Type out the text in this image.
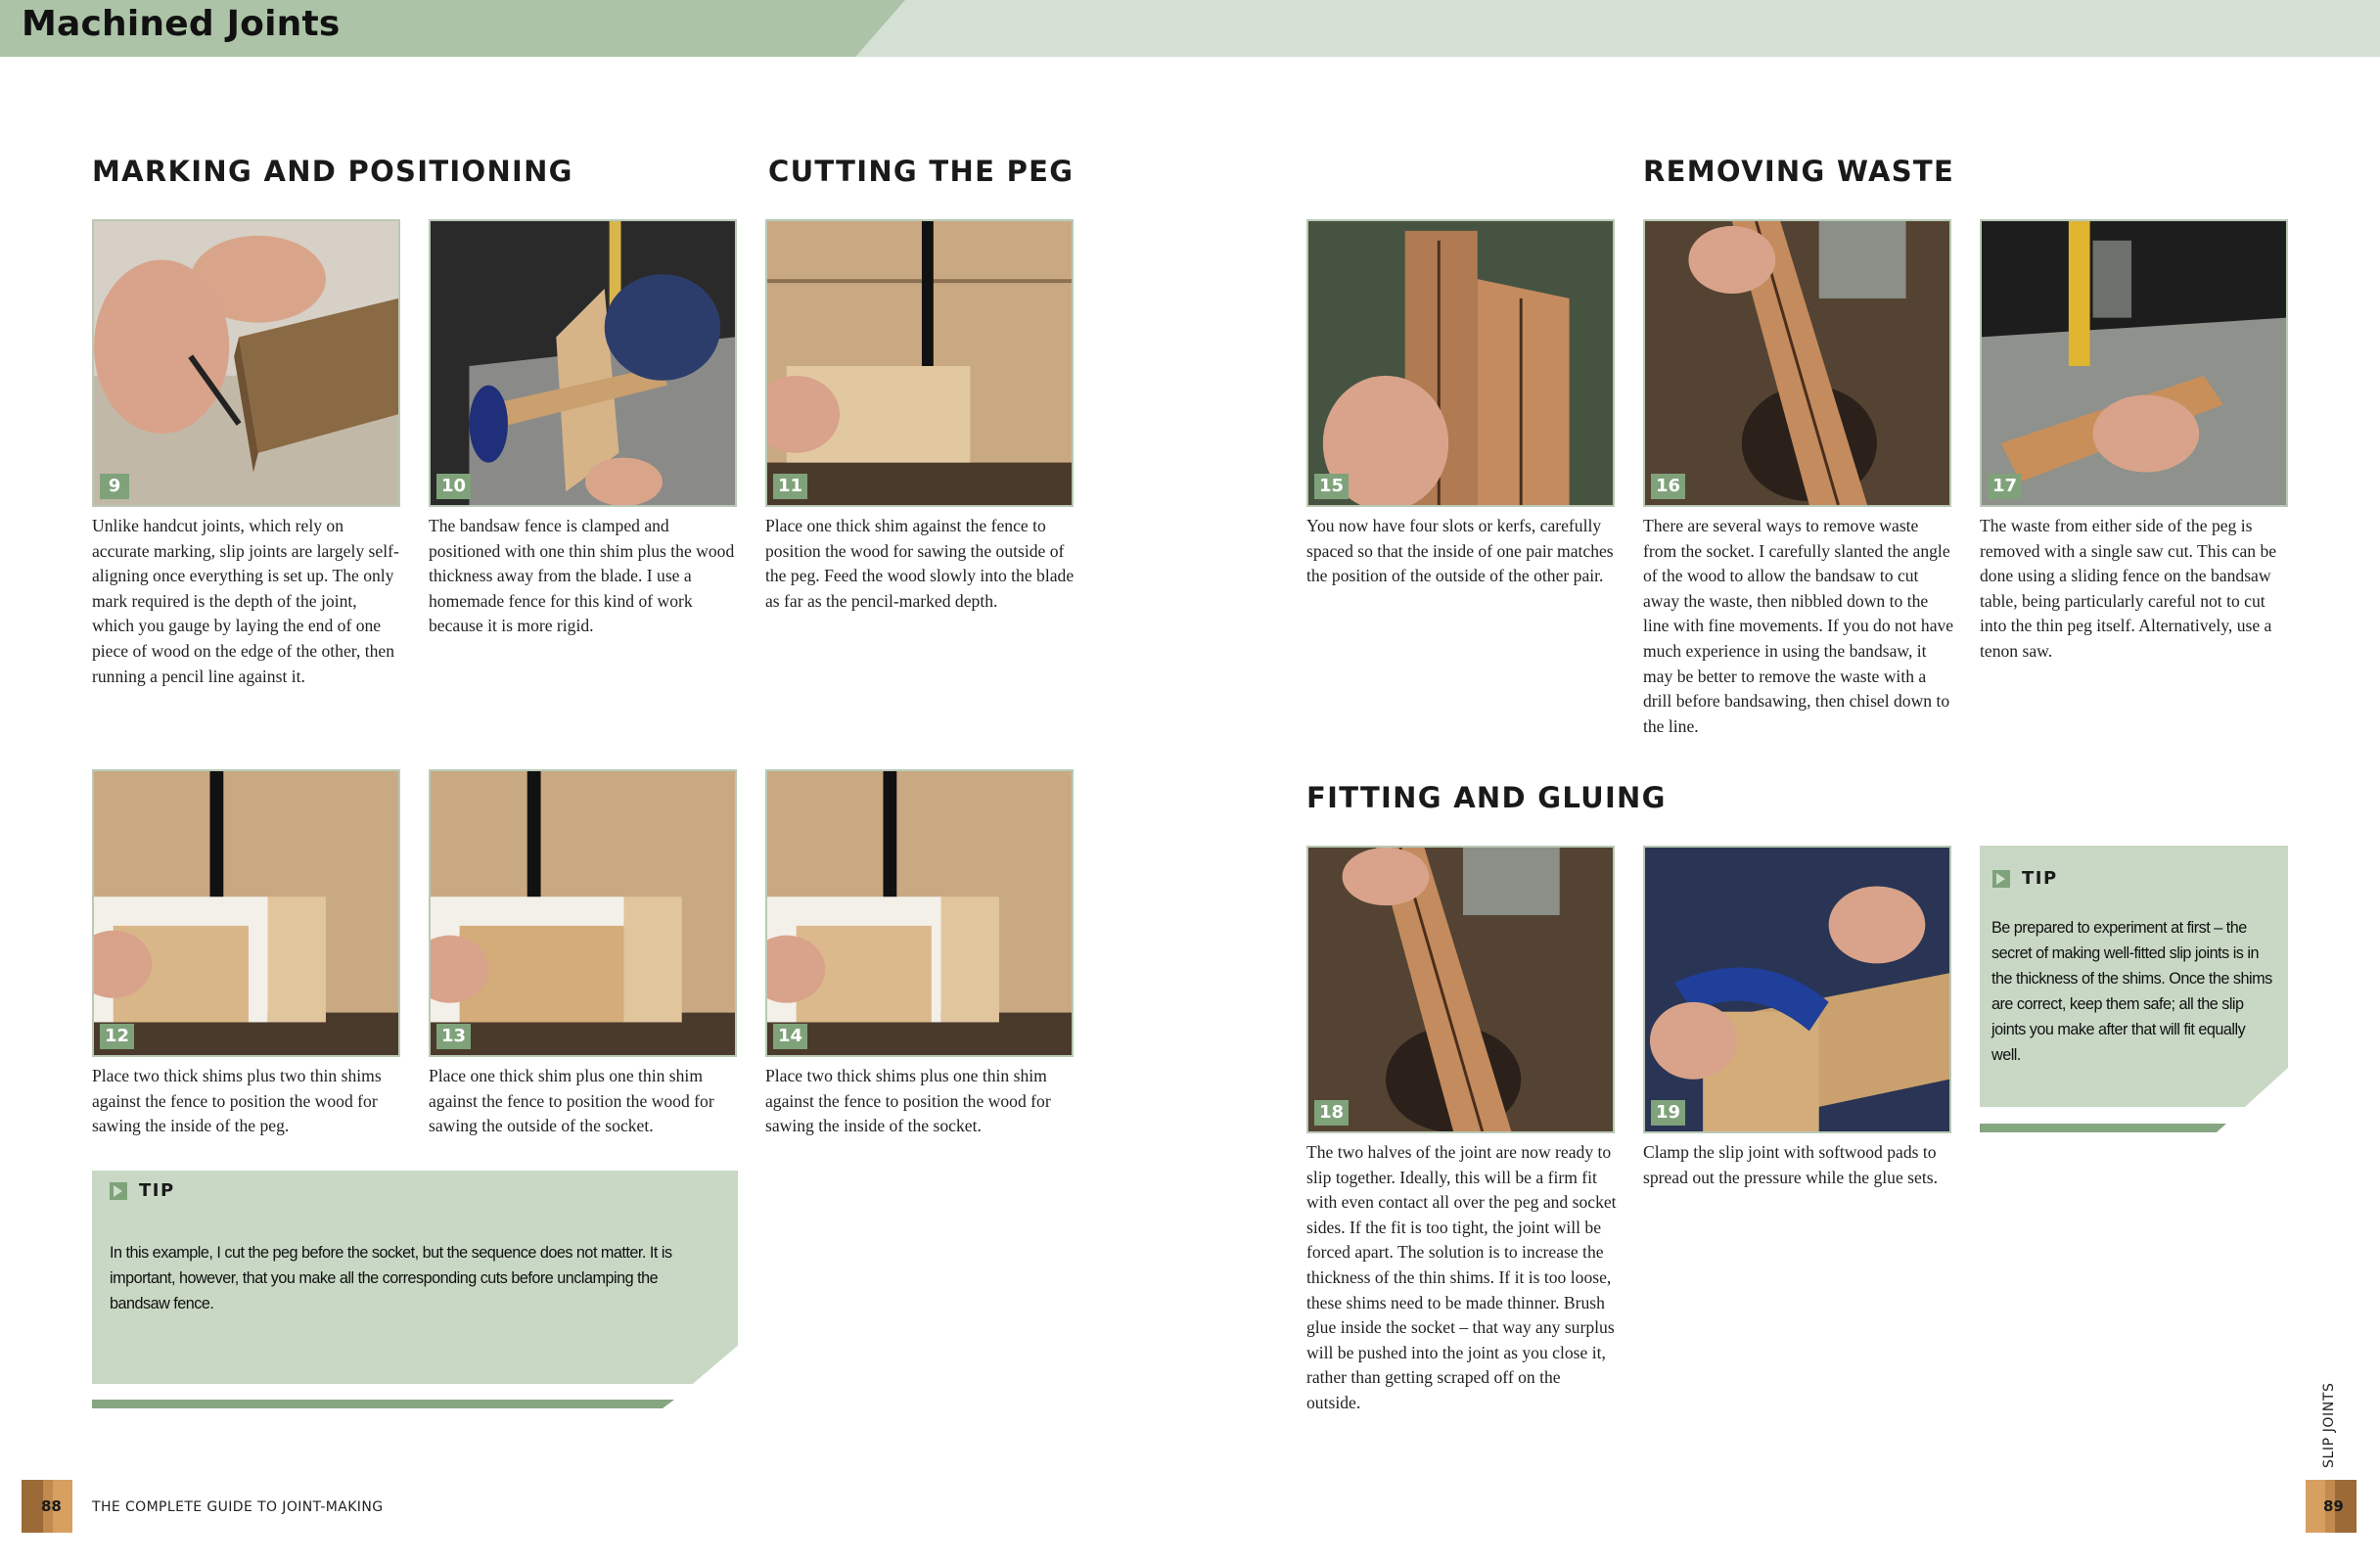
Machined Joints
MARKING AND POSITIONING	CUTTING THE PEG	REMOVING WASTE
FITTING AND GLUING
9
Unlike handcut joints, which rely on accurate marking, slip joints are largely self-aligning once everything is set up. The only mark required is the depth of the joint, which you gauge by laying the end of one piece of wood on the edge of the other, then running a pencil line against it.
10
The bandsaw fence is clamped and positioned with one thin shim plus the wood thickness away from the blade. I use a homemade fence for this kind of work because it is more rigid.
11
Place one thick shim against the fence to position the wood for sawing the outside of the peg. Feed the wood slowly into the blade as far as the pencil-marked depth.
12
Place two thick shims plus two thin shims against the fence to position the wood for sawing the inside of the peg.
13
Place one thick shim plus one thin shim against the fence to position the wood for sawing the outside of the socket.
14
Place two thick shims plus one thin shim against the fence to position the wood for sawing the inside of the socket.
15
You now have four slots or kerfs, carefully spaced so that the inside of one pair matches the position of the outside of the other pair.
16
There are several ways to remove waste from the socket. I carefully slanted the angle of the wood to allow the bandsaw to cut away the waste, then nibbled down to the line with fine movements. If you do not have much experience in using the bandsaw, it may be better to remove the waste with a drill before bandsawing, then chisel down to the line.
17
The waste from either side of the peg is removed with a single saw cut. This can be done using a sliding fence on the bandsaw table, being particularly careful not to cut into the thin peg itself. Alternatively, use a tenon saw.
18
The two halves of the joint are now ready to slip together. Ideally, this will be a firm fit with even contact all over the peg and socket sides. If the fit is too tight, the joint will be forced apart. The solution is to increase the thickness of the thin shims. If it is too loose, these shims need to be made thinner. Brush glue inside the socket – that way any surplus will be pushed into the joint as you close it, rather than getting scraped off on the outside.
19
Clamp the slip joint with softwood pads to spread out the pressure while the glue sets.
TIP
In this example, I cut the peg before the socket, but the sequence does not matter. It is important, however, that you make all the corresponding cuts before unclamping the bandsaw fence.
TIP
Be prepared to experiment at first – the secret of making well-fitted slip joints is in the thickness of the shims. Once the shims are correct, keep them safe; all the slip joints you make after that will fit equally well.
88 THE COMPLETE GUIDE TO JOINT-MAKING
SLIP JOINTS
89
